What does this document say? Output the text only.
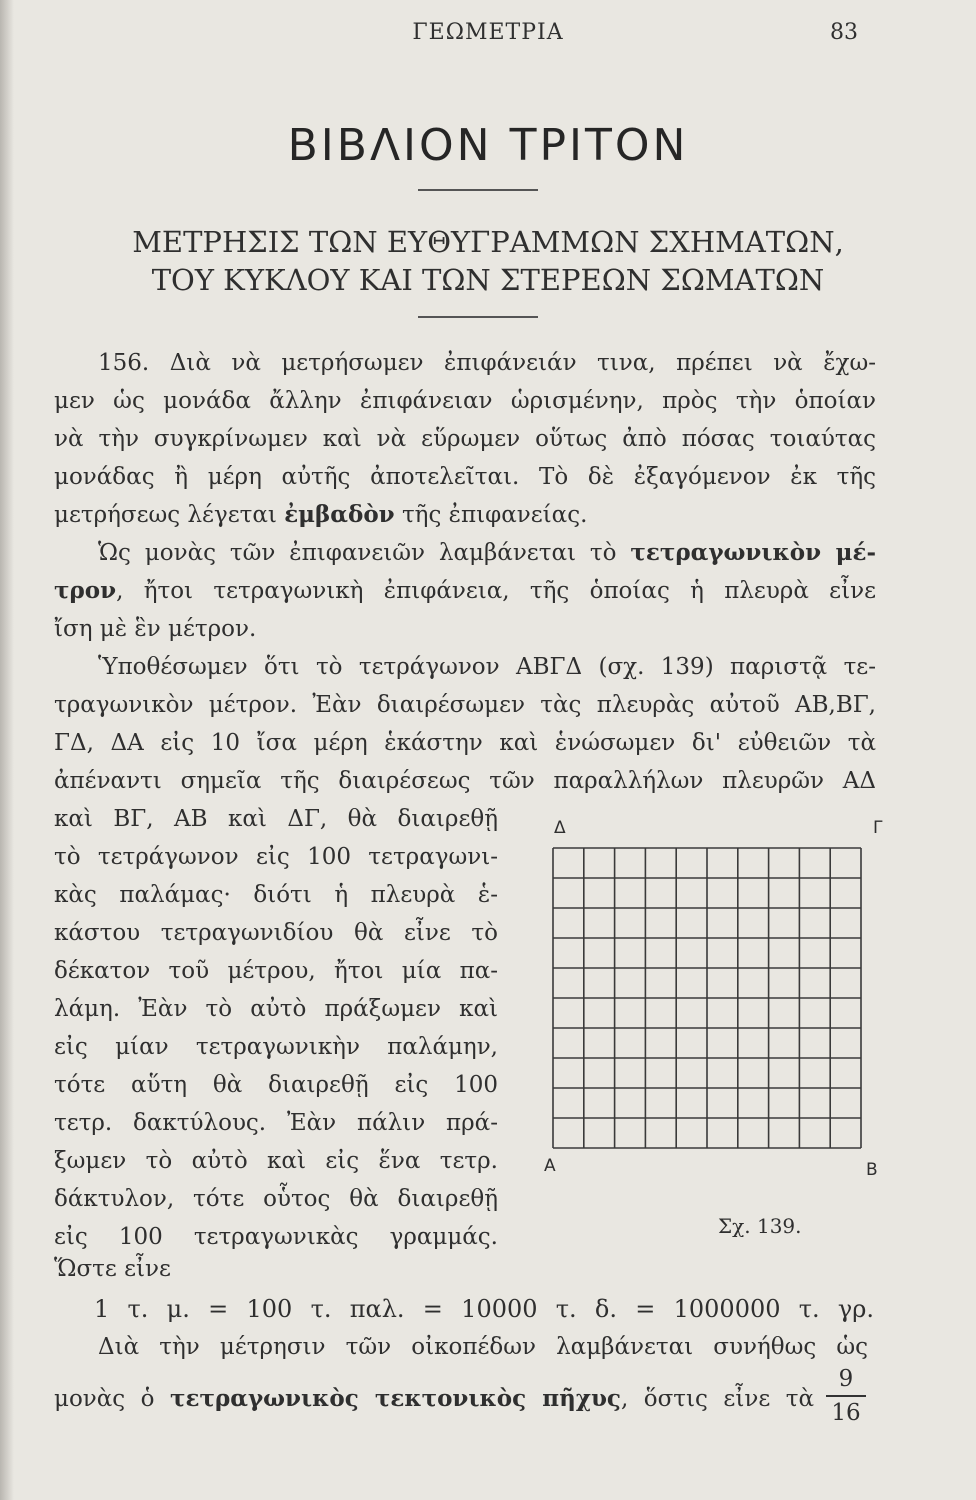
ΓΕΩΜΕΤΡΙΑ	83
ΒΙΒΛΙΟΝ ΤΡΙΤΟΝ
ΜΕΤΡΗΣΙΣ ΤΩΝ ΕΥΘΥΓΡΑΜΜΩΝ ΣΧΗΜΑΤΩΝ,
ΤΟΥ ΚΥΚΛΟΥ ΚΑΙ ΤΩΝ ΣΤΕΡΕΩΝ ΣΩΜΑΤΩΝ
156. Διὰ νὰ μετρήσωμεν ἐπιφάνειάν τινα, πρέπει νὰ ἔχω-
μεν ὡς μονάδα ἄλλην ἐπιφάνειαν ὡρισμένην, πρὸς τὴν ὁποίαν
νὰ τὴν συγκρίνωμεν καὶ νὰ εὕρωμεν οὕτως ἀπὸ πόσας τοιαύτας
μονάδας ἢ μέρη αὐτῆς ἀποτελεῖται. Τὸ δὲ ἐξαγόμενον ἐκ τῆς
μετρήσεως λέγεται ἐμβαδὸν τῆς ἐπιφανείας.
Ὡς μονὰς τῶν ἐπιφανειῶν λαμβάνεται τὸ τετραγωνικὸν μέ-
τρον, ἤτοι τετραγωνικὴ ἐπιφάνεια, τῆς ὁποίας ἡ πλευρὰ εἶνε
ἴση μὲ ἓν μέτρον.
Ὑποθέσωμεν ὅτι τὸ τετράγωνον ΑΒΓΔ (σχ. 139) παριστᾷ τε-
τραγωνικὸν μέτρον. Ἐὰν διαιρέσωμεν τὰς πλευρὰς αὐτοῦ ΑΒ,ΒΓ,
ΓΔ, ΔΑ εἰς 10 ἴσα μέρη ἑκάστην καὶ ἑνώσωμεν δι' εὐθειῶν τὰ
ἀπέναντι σημεῖα τῆς διαιρέσεως τῶν παραλλήλων πλευρῶν ΑΔ
καὶ ΒΓ, ΑΒ καὶ ΔΓ, θὰ διαιρεθῇ
τὸ τετράγωνον εἰς 100 τετραγωνι-
κὰς παλάμας· διότι ἡ πλευρὰ ἑ-
κάστου τετραγωνιδίου θὰ εἶνε τὸ
δέκατον τοῦ μέτρου, ἤτοι μία πα-
λάμη. Ἐὰν τὸ αὐτὸ πράξωμεν καὶ
εἰς μίαν τετραγωνικὴν παλάμην,
τότε αὕτη θὰ διαιρεθῇ εἰς 100
τετρ. δακτύλους. Ἐὰν πάλιν πρά-
ξωμεν τὸ αὐτὸ καὶ εἰς ἕνα τετρ.
δάκτυλον, τότε οὗτος θὰ διαιρεθῇ
εἰς 100 τετραγωνικὰς γραμμάς.
Ὥστε εἶνε
Δ	Γ
Α	Β
Σχ. 139.
1 τ. μ. = 100 τ. παλ. = 10000 τ. δ. = 1000000 τ. γρ.
Διὰ τὴν μέτρησιν τῶν οἰκοπέδων λαμβάνεται συνήθως ὡς
μονὰς ὁ τετραγωνικὸς τεκτονικὸς πῆχυς, ὅστις εἶνε τὰ
9
16
